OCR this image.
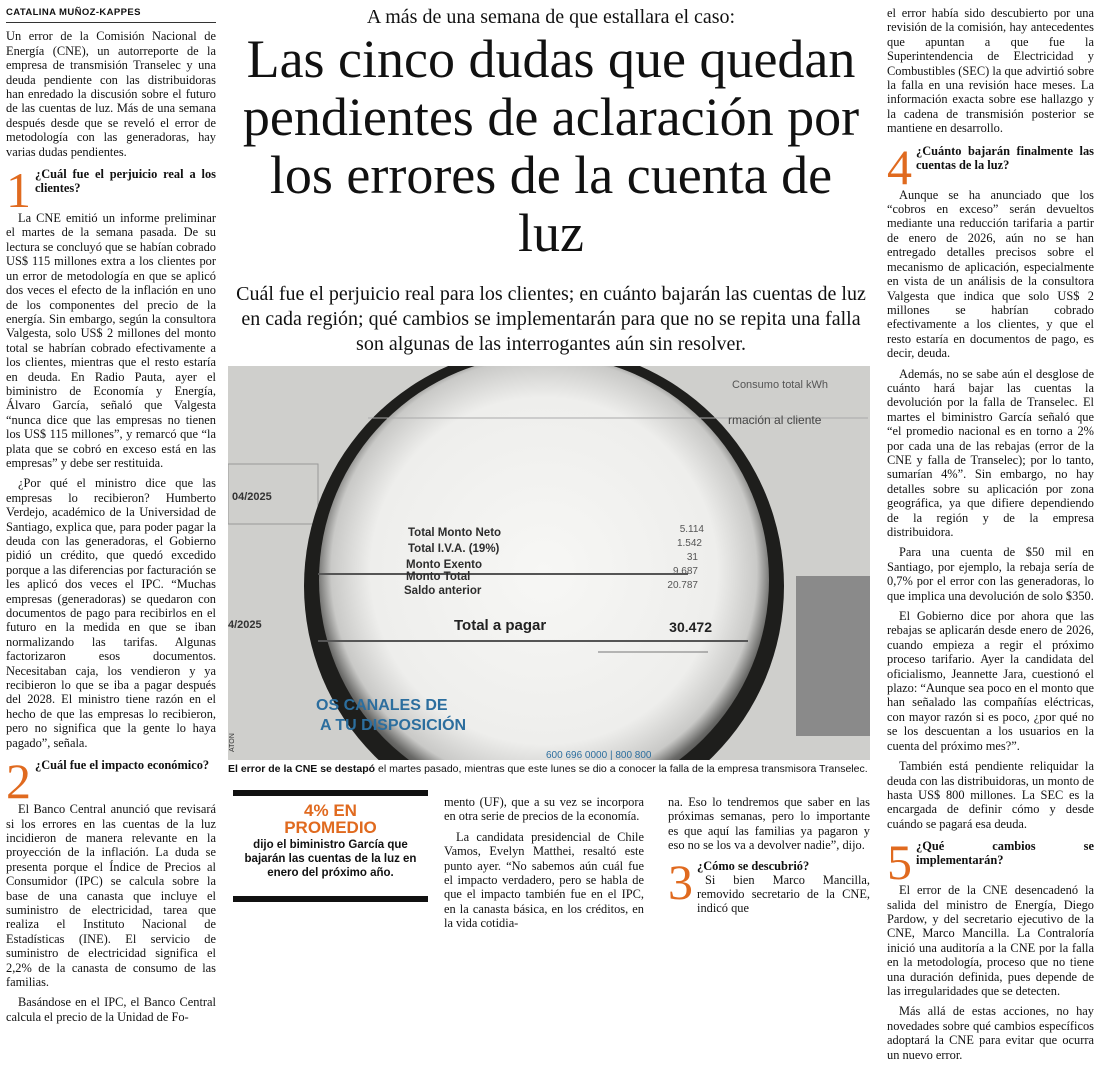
CATALINA MUÑOZ-KAPPES

Un error de la Comisión Nacional de Energía (CNE), un autorreporte de la empresa de transmisión Transelec y una deuda pendiente con las distribuidoras han enredado la discusión sobre el futuro de las cuentas de luz. Más de una semana después desde que se reveló el error de metodología con las generadoras, hay varias dudas pendientes.

1 ¿Cuál fue el perjuicio real a los clientes?

La CNE emitió un informe preliminar el martes de la semana pasada. De su lectura se concluyó que se habían cobrado US$ 115 millones extra a los clientes por un error de metodología en que se aplicó dos veces el efecto de la inflación en uno de los componentes del precio de la energía. Sin embargo, según la consultora Valgesta, solo US$ 2 millones del monto total se habrían cobrado efectivamente a los clientes, mientras que el resto estaría en deuda. En Radio Pauta, ayer el biministro de Economía y Energía, Álvaro García, señaló que Valgesta “nunca dice que las empresas no tienen los US$ 115 millones”, y remarcó que “la plata que se cobró en exceso está en las empresas” y debe ser restituida.

¿Por qué el ministro dice que las empresas lo recibieron? Humberto Verdejo, académico de la Universidad de Santiago, explica que, para poder pagar la deuda con las generadoras, el Gobierno pidió un crédito, que quedó excedido porque a las diferencias por facturación se les aplicó dos veces el IPC. “Muchas empresas (generadoras) se quedaron con documentos de pago para recibirlos en el futuro en la medida en que se iban normalizando las tarifas. Algunas factorizaron esos documentos. Necesitaban caja, los vendieron y ya recibieron lo que se iba a pagar después del 2028. El ministro tiene razón en el hecho de que las empresas lo recibieron, pero no significa que la gente lo haya pagado”, señala.

2 ¿Cuál fue el impacto económico?

El Banco Central anunció que revisará si los errores en las cuentas de la luz incidieron de manera relevante en la proyección de la inflación. La duda se presenta porque el Índice de Precios al Consumidor (IPC) se calcula sobre la base de una canasta que incluye el suministro de electricidad, tarea que realiza el Instituto Nacional de Estadísticas (INE). El servicio de suministro de electricidad significa el 2,2% de la canasta de consumo de las familias.

Basándose en el IPC, el Banco Central calcula el precio de la Unidad de Fo-

A más de una semana de que estallara el caso:
Las cinco dudas que quedan pendientes de aclaración por los errores de la cuenta de luz
Cuál fue el perjuicio real para los clientes; en cuánto bajarán las cuentas de luz en cada región; qué cambios se implementarán para que no se repita una falla son algunas de las interrogantes aún sin resolver.
Consumo total kWh
rmación al cliente
04/2025
4/2025
Total Monto Neto
Total I.V.A. (19%)
Monto Exento
Monto Total
Saldo anterior
5.114
1.542
31
9.687
20.787
Total a pagar	30.472
OS CANALES DE
A TU DISPOSICIÓN
600 696 0000 | 800 800
ATON
El error de la CNE se destapó el martes pasado, mientras que este lunes se dio a conocer la falla de la empresa transmisora Transelec.
4% EN
PROMEDIO
dijo el biministro García que bajarán las cuentas de la luz en enero del próximo año.

mento (UF), que a su vez se incorpora en otra serie de precios de la economía.

La candidata presidencial de Chile Vamos, Evelyn Matthei, resaltó este punto ayer. “No sabemos aún cuál fue el impacto verdadero, pero se habla de que el impacto también fue en el IPC, en la canasta básica, en los créditos, en la vida cotidia-

na. Eso lo tendremos que saber en las próximas semanas, pero lo importante es que aquí las familias ya pagaron y eso no se los va a devolver nadie”, dijo.

3 ¿Cómo se descubrió?
Si bien Marco Mancilla, removido secretario de la CNE, indicó que

el error había sido descubierto por una revisión de la comisión, hay antecedentes que apuntan a que fue la Superintendencia de Electricidad y Combustibles (SEC) la que advirtió sobre la falla en una revisión hace meses. La información exacta sobre ese hallazgo y la cadena de transmisión posterior se mantiene en desarrollo.

4 ¿Cuánto bajarán finalmente las cuentas de la luz?

Aunque se ha anunciado que los “cobros en exceso” serán devueltos mediante una reducción tarifaria a partir de enero de 2026, aún no se han entregado detalles precisos sobre el mecanismo de aplicación, especialmente en vista de un análisis de la consultora Valgesta que indica que solo US$ 2 millones se habrían cobrado efectivamente a los clientes, y que el resto estaría en documentos de pago, es decir, deuda.

Además, no se sabe aún el desglose de cuánto hará bajar las cuentas la devolución por la falla de Transelec. El martes el biministro García señaló que “el promedio nacional es en torno a 2% por cada una de las rebajas (error de la CNE y falla de Transelec); por lo tanto, sumarían 4%”. Sin embargo, no hay detalles sobre su aplicación por zona geográfica, ya que difiere dependiendo de la región y de la empresa distribuidora.

Para una cuenta de $50 mil en Santiago, por ejemplo, la rebaja sería de 0,7% por el error con las generadoras, lo que implica una devolución de solo $350.

El Gobierno dice por ahora que las rebajas se aplicarán desde enero de 2026, cuando empieza a regir el próximo proceso tarifario. Ayer la candidata del oficialismo, Jeannette Jara, cuestionó el plazo: “Aunque sea poco en el monto que han señalado las compañías eléctricas, con mayor razón si es poco, ¿por qué no se los descuentan a los usuarios en la cuenta del próximo mes?”.

También está pendiente reliquidar la deuda con las distribuidoras, un monto de hasta US$ 800 millones. La SEC es la encargada de definir cómo y desde cuándo se pagará esa deuda.

5 ¿Qué cambios se implementarán?

El error de la CNE desencadenó la salida del ministro de Energía, Diego Pardow, y del secretario ejecutivo de la CNE, Marco Mancilla. La Contraloría inició una auditoría a la CNE por la falla en la metodología, proceso que no tiene una duración definida, pues depende de las irregularidades que se detecten.

Más allá de estas acciones, no hay novedades sobre qué cambios específicos adoptará la CNE para evitar que ocurra un nuevo error.
